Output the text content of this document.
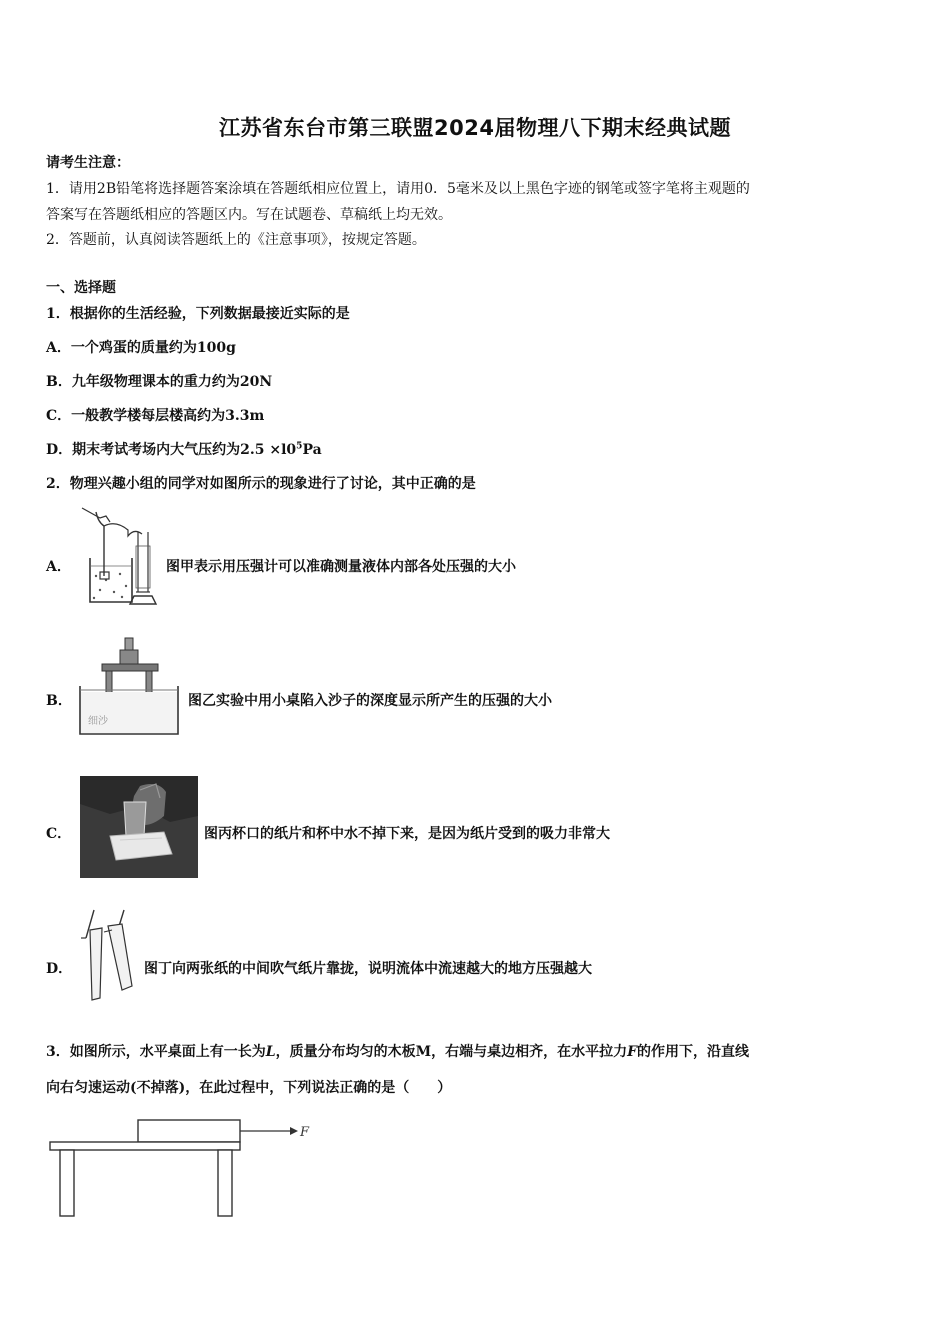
江苏省东台市第三联盟2024届物理八下期末经典试题
请考生注意：
1．请用2B铅笔将选择题答案涂填在答题纸相应位置上，请用0．5毫米及以上黑色字迹的钢笔或签字笔将主观题的
答案写在答题纸相应的答题区内。写在试题卷、草稿纸上均无效。
2．答题前，认真阅读答题纸上的《注意事项》，按规定答题。
一、选择题
1．根据你的生活经验，下列数据最接近实际的是
A．一个鸡蛋的质量约为100g
B．九年级物理课本的重力约为20N
C．一般教学楼每层楼高约为3.3m
D．期末考试考场内大气压约为$2.5 \times l0^5Pa$
2．物理兴趣小组的同学对如图所示的现象进行了讨论，其中正确的是
A．	图甲表示用压强计可以准确测量液体内部各处压强的大小
B．
细沙
图乙实验中用小桌陷入沙子的深度显示所产生的压强的大小
C．	图丙杯口的纸片和杯中水不掉下来，是因为纸片受到的吸力非常大
D．	图丁向两张纸的中间吹气纸片靠拢，说明流体中流速越大的地方压强越大
3．如图所示，水平桌面上有一长为L，质量分布均匀的木板M，右端与桌边相齐，在水平拉力F的作用下，沿直线
向右匀速运动(不掉落)，在此过程中，下列说法正确的是（　　）
F
